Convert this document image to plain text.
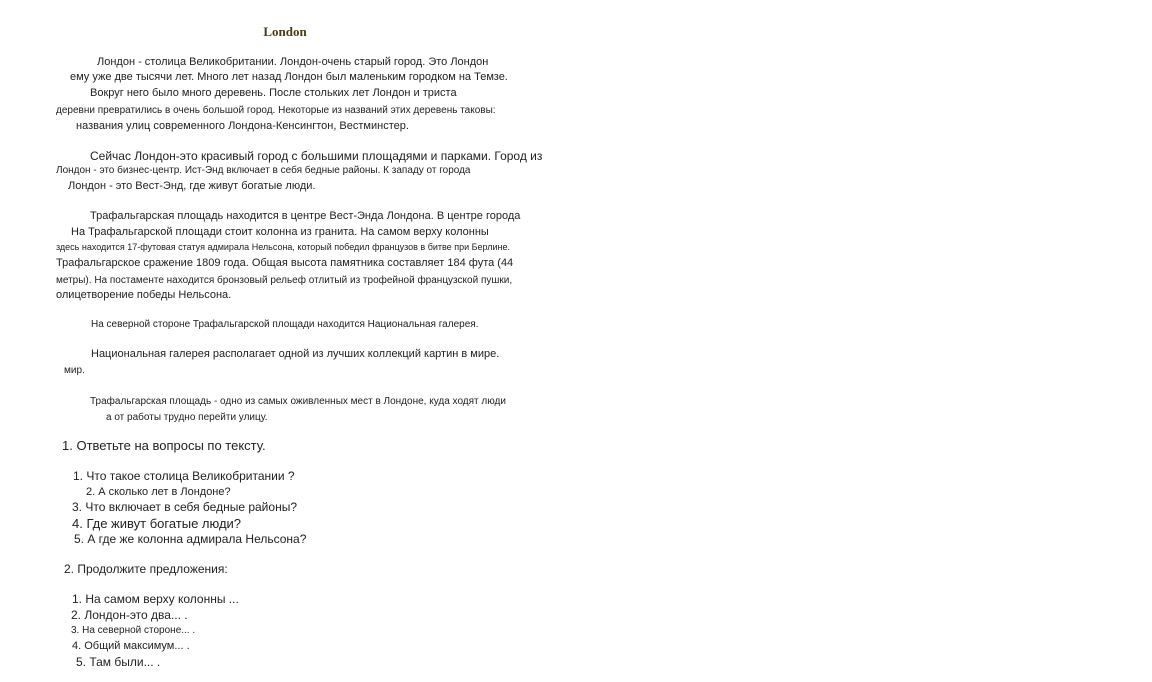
London
Лондон - столица Великобритании. Лондон-очень старый город. Это Лондон
ему уже две тысячи лет. Много лет назад Лондон был маленьким городком на Темзе.
Вокруг него было много деревень. После стольких лет Лондон и триста
деревни превратились в очень большой город. Некоторые из названий этих деревень таковы:
названия улиц современного Лондона-Кенсингтон, Вестминстер.
Сейчас Лондон-это красивый город с большими площадями и парками. Город из
Лондон - это бизнес-центр. Ист-Энд включает в себя бедные районы. К западу от города
Лондон - это Вест-Энд, где живут богатые люди.
Трафальгарская площадь находится в центре Вест-Энда Лондона. В центре города
На Трафальгарской площади стоит колонна из гранита. На самом верху колонны
здесь находится 17-футовая статуя адмирала Нельсона, который победил французов в битве при Берлине.
Трафальгарское сражение 1809 года. Общая высота памятника составляет 184 фута (44
метры). На постаменте находится бронзовый рельеф отлитый из трофейной французской пушки,
олицетворение победы Нельсона.
На северной стороне Трафальгарской площади находится Национальная галерея.
Национальная галерея располагает одной из лучших коллекций картин в мире.
мир.
Трафальгарская площадь - одно из самых оживленных мест в Лондоне, куда ходят люди
а от работы трудно перейти улицу.
1. Ответьте на вопросы по тексту.
1. Что такое столица Великобритании ?
2. А сколько лет в Лондоне?
3. Что включает в себя бедные районы?
4. Где живут богатые люди?
5. А где же колонна адмирала Нельсона?
2. Продолжите предложения:
1. На самом верху колонны ...
2. Лондон-это два... .
3. На северной стороне... .
4. Общий максимум... .
5. Там были... .
